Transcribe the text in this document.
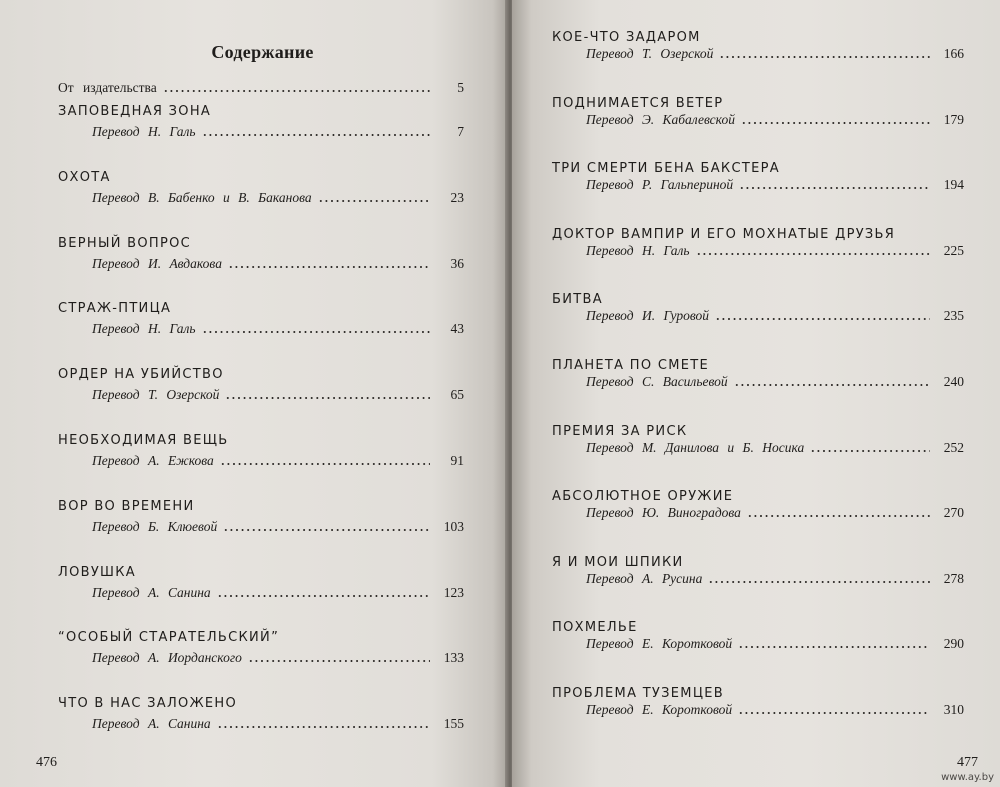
Содержание
От издательства	5
ЗАПОВЕДНАЯ ЗОНА
Перевод Н. Галь	7
ОХОТА
Перевод В. Бабенко и В. Баканова	23
ВЕРНЫЙ ВОПРОС
Перевод И. Авдакова	36
СТРАЖ-ПТИЦА
Перевод Н. Галь	43
ОРДЕР НА УБИЙСТВО
Перевод Т. Озерской	65
НЕОБХОДИМАЯ ВЕЩЬ
Перевод А. Ежкова	91
ВОР ВО ВРЕМЕНИ
Перевод Б. Клюевой	103
ЛОВУШКА
Перевод А. Санина	123
“ОСОБЫЙ СТАРАТЕЛЬСКИЙ”
Перевод А. Иорданского	133
ЧТО В НАС ЗАЛОЖЕНО
Перевод А. Санина	155
476
КОЕ-ЧТО ЗАДАРОМ
Перевод Т. Озерской	166
ПОДНИМАЕТСЯ ВЕТЕР
Перевод Э. Кабалевской	179
ТРИ СМЕРТИ БЕНА БАКСТЕРА
Перевод Р. Гальпериной	194
ДОКТОР ВАМПИР И ЕГО МОХНАТЫЕ ДРУЗЬЯ
Перевод Н. Галь	225
БИТВА
Перевод И. Гуровой	235
ПЛАНЕТА ПО СМЕТЕ
Перевод С. Васильевой	240
ПРЕМИЯ ЗА РИСК
Перевод М. Данилова и Б. Носика	252
АБСОЛЮТНОЕ ОРУЖИЕ
Перевод Ю. Виноградова	270
Я И МОИ ШПИКИ
Перевод А. Русина	278
ПОХМЕЛЬЕ
Перевод Е. Коротковой	290
ПРОБЛЕМА ТУЗЕМЦЕВ
Перевод Е. Коротковой	310
477
www.ay.by
